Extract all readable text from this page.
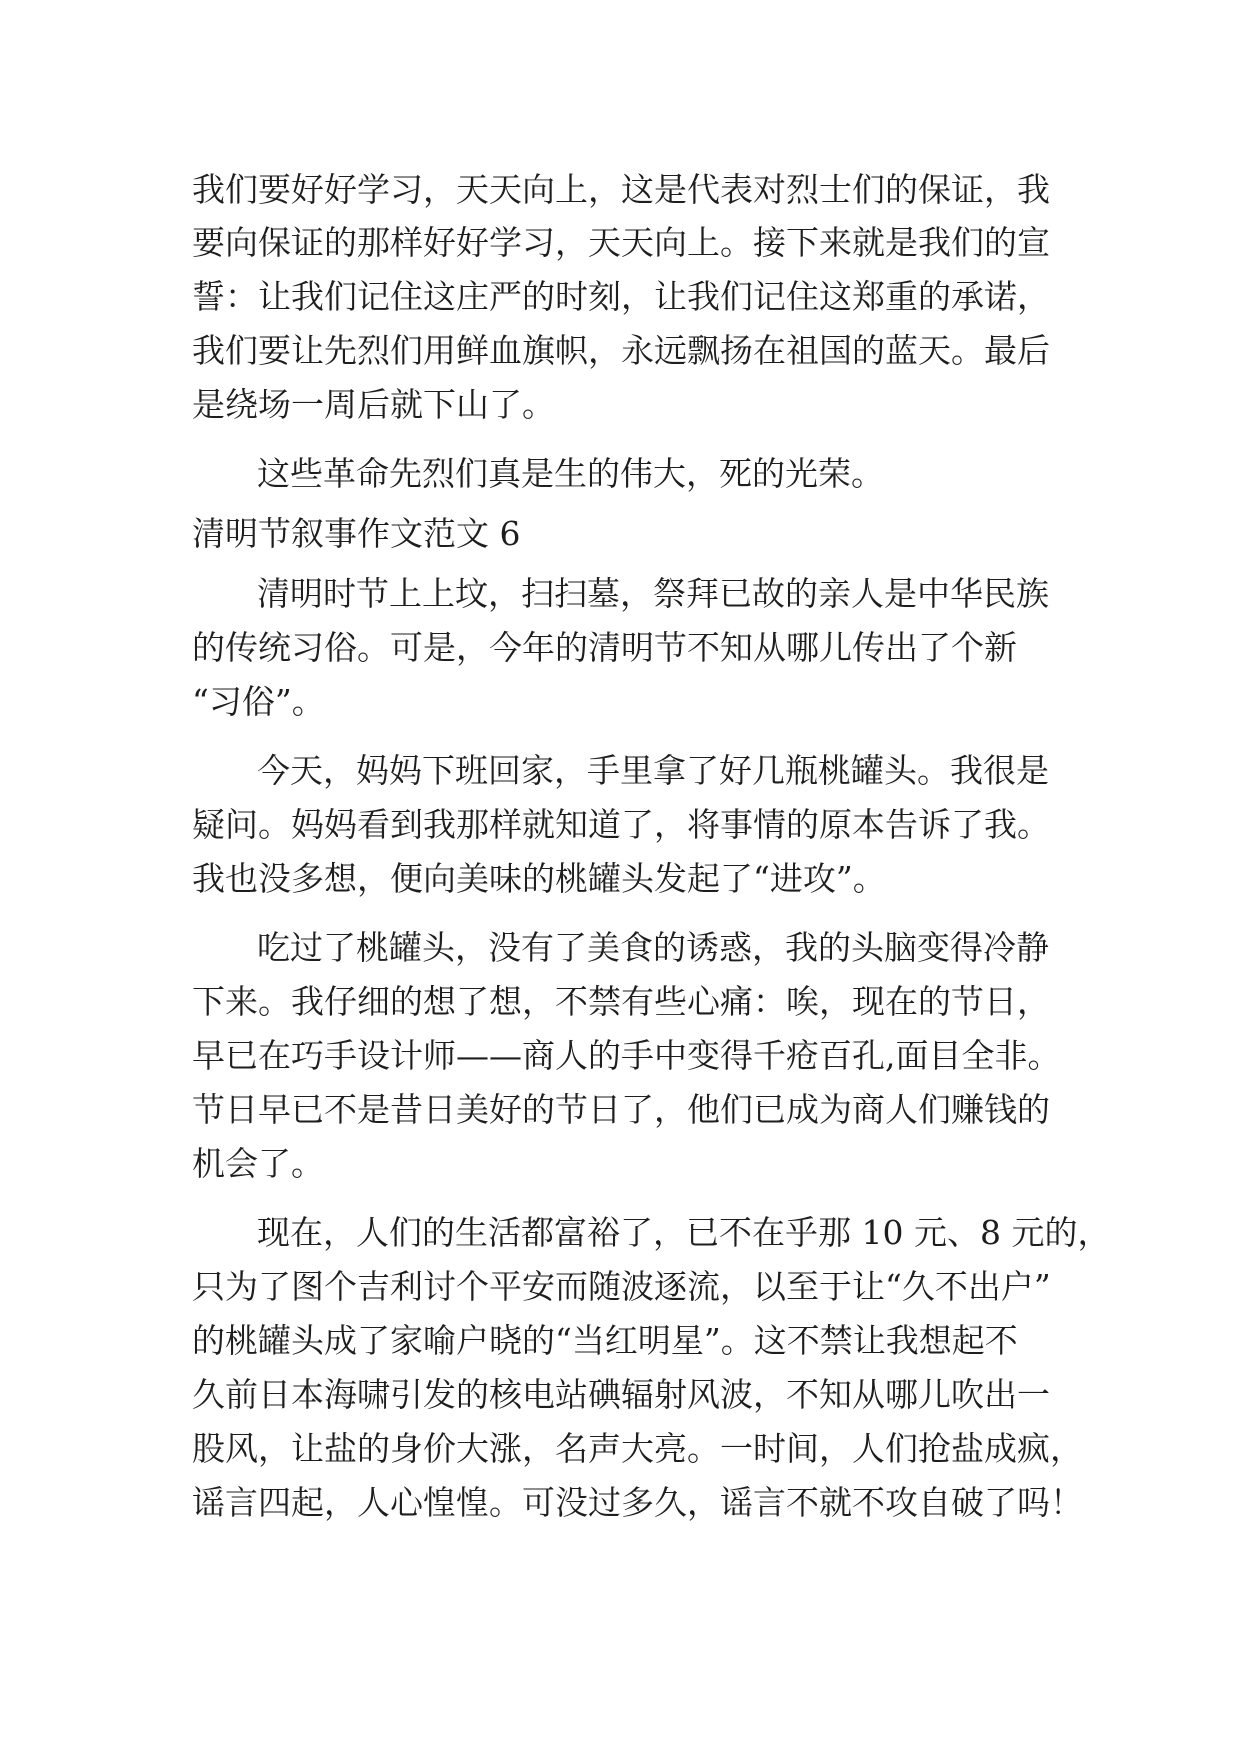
我们要好好学习，天天向上，这是代表对烈士们的保证，我
要向保证的那样好好学习，天天向上。接下来就是我们的宣
誓：让我们记住这庄严的时刻，让我们记住这郑重的承诺，
我们要让先烈们用鲜血旗帜，永远飘扬在祖国的蓝天。最后
是绕场一周后就下山了。
这些革命先烈们真是生的伟大，死的光荣。
清明节叙事作文范文 6
清明时节上上坟，扫扫墓，祭拜已故的亲人是中华民族
的传统习俗。可是，今年的清明节不知从哪儿传出了个新
“习俗”。
今天，妈妈下班回家，手里拿了好几瓶桃罐头。我很是
疑问。妈妈看到我那样就知道了，将事情的原本告诉了我。
我也没多想，便向美味的桃罐头发起了“进攻”。
吃过了桃罐头，没有了美食的诱惑，我的头脑变得冷静
下来。我仔细的想了想，不禁有些心痛：唉，现在的节日，
早已在巧手设计师——商人的手中变得千疮百孔,面目全非。
节日早已不是昔日美好的节日了，他们已成为商人们赚钱的
机会了。
现在，人们的生活都富裕了，已不在乎那 10 元、8 元的，
只为了图个吉利讨个平安而随波逐流，以至于让“久不出户”
的桃罐头成了家喻户晓的“当红明星”。这不禁让我想起不
久前日本海啸引发的核电站碘辐射风波，不知从哪儿吹出一
股风，让盐的身价大涨，名声大亮。一时间，人们抢盐成疯，
谣言四起，人心惶惶。可没过多久，谣言不就不攻自破了吗！
